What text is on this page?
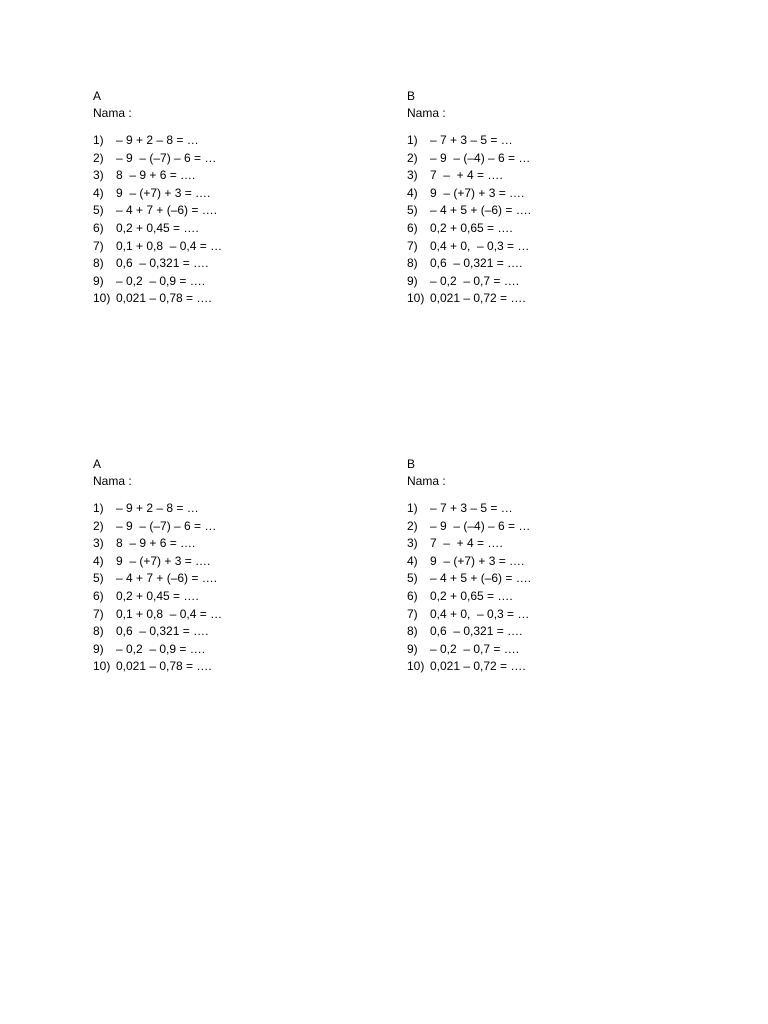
A
Nama :
1) – 9 + 2 – 8 = …
2) – 9  – (–7) – 6 = …
3) 8  – 9 + 6 = ….
4) 9  – (+7) + 3 = ….
5) – 4 + 7 + (–6) = ….
6) 0,2 + 0,45 = ….
7) 0,1 + 0,8  – 0,4 = …
8) 0,6  – 0,321 = ….
9) – 0,2  – 0,9 = ….
10) 0,021 – 0,78 = ….
B
Nama :
1) – 7 + 3 – 5 = …
2) – 9  – (–4) – 6 = …
3) 7  –  + 4 = ….
4) 9  – (+7) + 3 = ….
5) – 4 + 5 + (–6) = ….
6) 0,2 + 0,65 = ….
7) 0,4 + 0,  – 0,3 = …
8) 0,6  – 0,321 = ….
9) – 0,2  – 0,7 = ….
10) 0,021 – 0,72 = ….
A
Nama :
1) – 9 + 2 – 8 = …
2) – 9  – (–7) – 6 = …
3) 8  – 9 + 6 = ….
4) 9  – (+7) + 3 = ….
5) – 4 + 7 + (–6) = ….
6) 0,2 + 0,45 = ….
7) 0,1 + 0,8  – 0,4 = …
8) 0,6  – 0,321 = ….
9) – 0,2  – 0,9 = ….
10) 0,021 – 0,78 = ….
B
Nama :
1) – 7 + 3 – 5 = …
2) – 9  – (–4) – 6 = …
3) 7  –  + 4 = ….
4) 9  – (+7) + 3 = ….
5) – 4 + 5 + (–6) = ….
6) 0,2 + 0,65 = ….
7) 0,4 + 0,  – 0,3 = …
8) 0,6  – 0,321 = ….
9) – 0,2  – 0,7 = ….
10) 0,021 – 0,72 = ….
